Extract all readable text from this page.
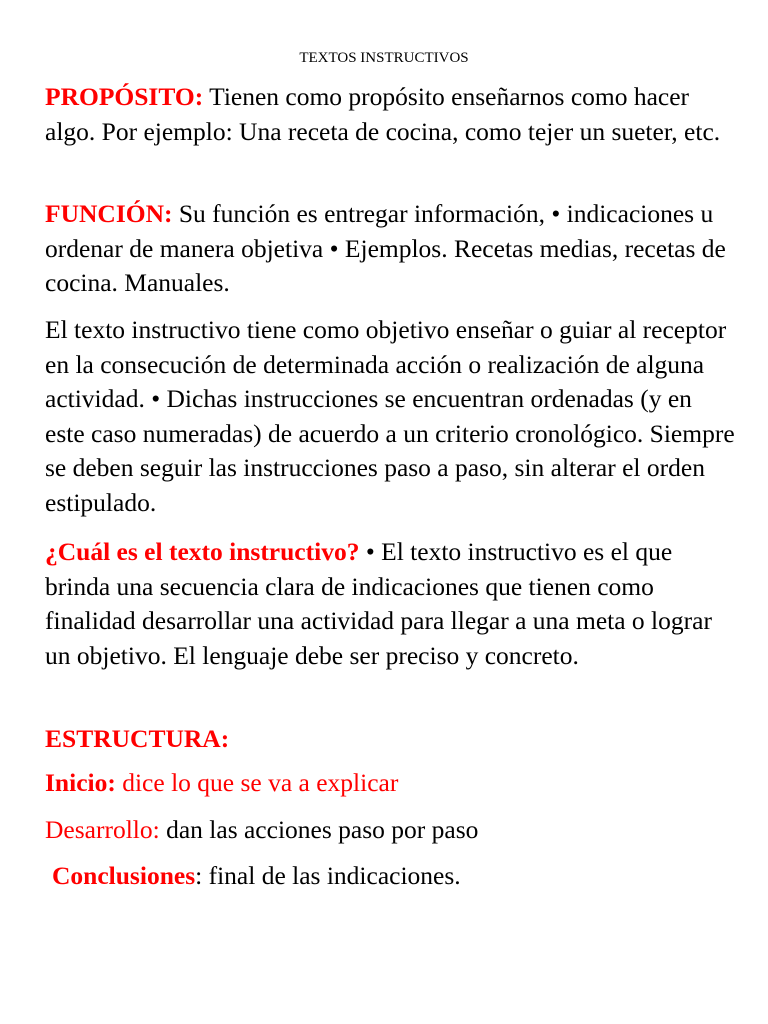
TEXTOS INSTRUCTIVOS

PROPÓSITO: Tienen como propósito enseñarnos como hacer algo. Por ejemplo: Una receta de cocina, como tejer un sueter, etc.

FUNCIÓN: Su función es entregar información, • indicaciones u ordenar de manera objetiva • Ejemplos. Recetas medias, recetas de cocina. Manuales.

El texto instructivo tiene como objetivo enseñar o guiar al receptor en la consecución de determinada acción o realización de alguna actividad. • Dichas instrucciones se encuentran ordenadas (y en este caso numeradas) de acuerdo a un criterio cronológico. Siempre se deben seguir las instrucciones paso a paso, sin alterar el orden estipulado.

¿Cuál es el texto instructivo? • El texto instructivo es el que brinda una secuencia clara de indicaciones que tienen como finalidad desarrollar una actividad para llegar a una meta o lograr un objetivo. El lenguaje debe ser preciso y concreto.

ESTRUCTURA:

Inicio: dice lo que se va a explicar

Desarrollo: dan las acciones paso por paso

Conclusiones: final de las indicaciones.
